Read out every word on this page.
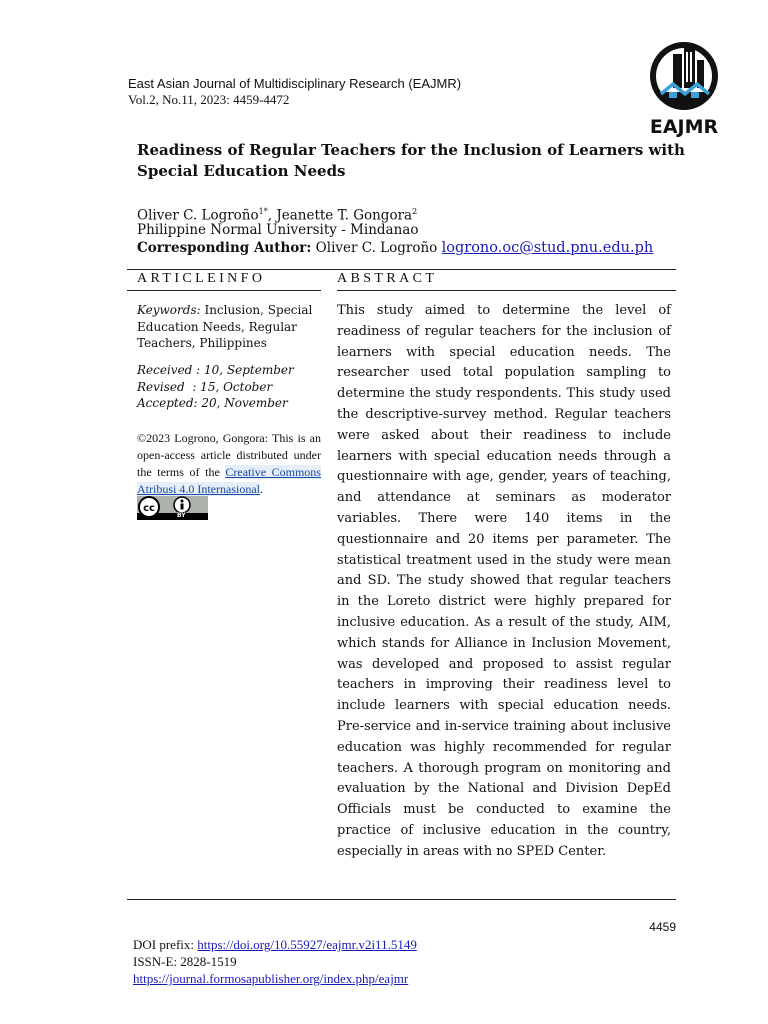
East Asian Journal of Multidisciplinary Research (EAJMR)
Vol.2, No.11, 2023: 4459-4472
EAJMR
Readiness of Regular Teachers for the Inclusion of Learners with Special Education Needs
Oliver C. Logroño$^{1*}$, Jeanette T. Gongora$^2$
Philippine Normal University - Mindanao
Corresponding Author: Oliver C. Logroño logrono.oc@stud.pnu.edu.ph
ARTICLEINFO	ABSTRACT
Keywords: Inclusion, Special Education Needs, Regular Teachers, Philippines
Received : 10, September
Revised  : 15, October
Accepted: 20, November
©2023 Logrono, Gongora: This is an open-access article distributed under the terms of the Creative Commons Atribusi 4.0 Internasional.
cc
BY

This study aimed to determine the level of readiness of regular teachers for the inclusion of learners with special education needs. The researcher used total population sampling to determine the study respondents. This study used the descriptive-survey method. Regular teachers were asked about their readiness to include learners with special education needs through a questionnaire with age, gender, years of teaching, and attendance at seminars as moderator variables. There were 140 items in the questionnaire and 20 items per parameter. The statistical treatment used in the study were mean and SD. The study showed that regular teachers in the Loreto district were highly prepared for inclusive education. As a result of the study, AIM, which stands for Alliance in Inclusion Movement, was developed and proposed to assist regular teachers in improving their readiness level to include learners with special education needs. Pre-service and in-service training about inclusive education was highly recommended for regular teachers. A thorough program on monitoring and evaluation by the National and Division DepEd Officials must be conducted to examine the practice of inclusive education in the country, especially in areas with no SPED Center.

4459
DOI prefix: https://doi.org/10.55927/eajmr.v2i11.5149
ISSN-E: 2828-1519
https://journal.formosapublisher.org/index.php/eajmr
